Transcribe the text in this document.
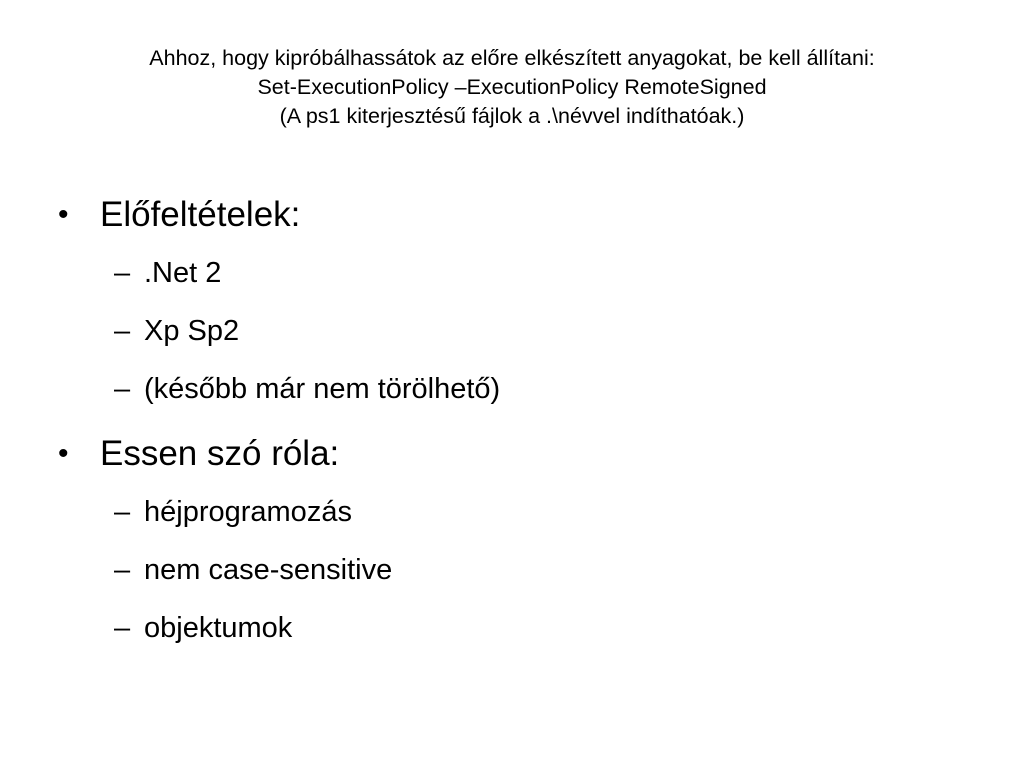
Ahhoz, hogy kipróbálhassátok az előre elkészített anyagokat, be kell állítani:
Set-ExecutionPolicy –ExecutionPolicy RemoteSigned
(A ps1 kiterjesztésű fájlok a .\névvel indíthatóak.)
• Előfeltételek:
– .Net 2
– Xp Sp2
– (később már nem törölhető)
• Essen szó róla:
– héjprogramozás
– nem case-sensitive
– objektumok
